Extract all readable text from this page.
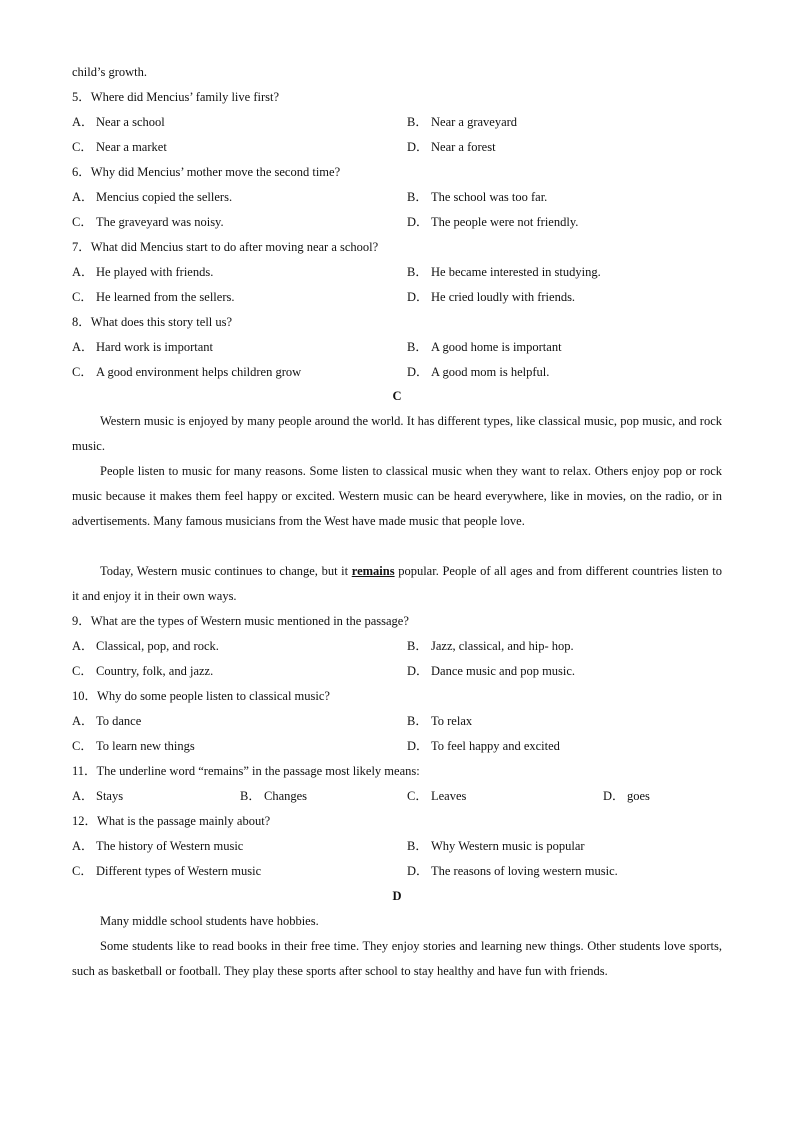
child’s growth.
5．Where did Mencius’ family live first?
A． Near a school	B． Near a graveyard
C． Near a market	D． Near a forest
6．Why did Mencius’ mother move the second time?
A． Mencius copied the sellers.	B． The school was too far.
C． The graveyard was noisy.	D． The people were not friendly.
7．What did Mencius start to do after moving near a school?
A． He played with friends.	B． He became interested in studying.
C． He learned from the sellers.	D． He cried loudly with friends.
8．What does this story tell us?
A． Hard work is important	B． A good home is important
C． A good environment helps children grow	D． A good mom is helpful.
C
Western music is enjoyed by many people around the world. It has different types, like classical music, pop music, and rock music.
People listen to music for many reasons. Some listen to classical music when they want to relax. Others enjoy pop or rock music because it makes them feel happy or excited. Western music can be heard everywhere, like in movies, on the radio, or in advertisements. Many famous musicians from the West have made music that people love.
Today, Western music continues to change, but it remains popular. People of all ages and from different countries listen to it and enjoy it in their own ways.
9．What are the types of Western music mentioned in the passage?
A． Classical, pop, and rock.	B． Jazz, classical, and hip- hop.
C． Country, folk, and jazz.	D． Dance music and pop music.
10．Why do some people listen to classical music?
A． To dance	B． To relax
C． To learn new things	D． To feel happy and excited
11．The underline word “remains” in the passage most likely means:
A． Stays	B． Changes	C． Leaves	D． goes
12．What is the passage mainly about?
A． The history of Western music	B． Why Western music is popular
C． Different types of Western music	D． The reasons of loving western music.
D
Many middle school students have hobbies.
Some students like to read books in their free time. They enjoy stories and learning new things. Other students love sports, such as basketball or football. They play these sports after school to stay healthy and have fun with friends.
